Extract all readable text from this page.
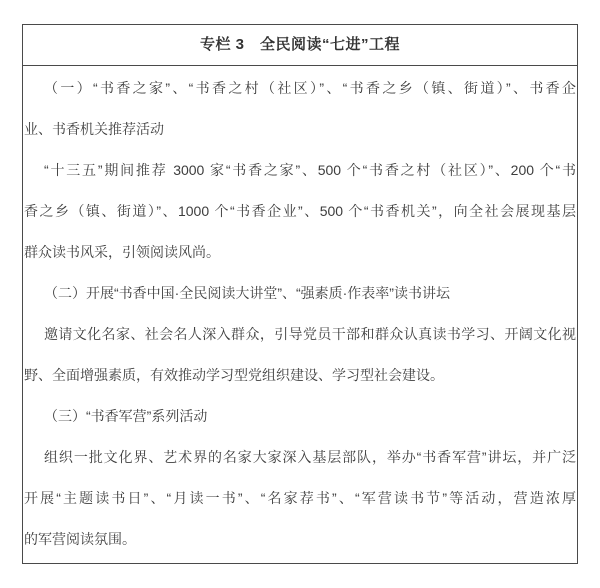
专栏 3　全民阅读“七进”工程
（一）“书香之家”、“书香之村（社区）”、“书香之乡（镇、街道）”、书香企
业、书香机关推荐活动
“十三五”期间推荐 3000 家“书香之家”、500 个“书香之村（社区）”、200 个“书
香之乡（镇、街道）”、1000 个“书香企业”、500 个“书香机关”，向全社会展现基层
群众读书风采，引领阅读风尚。
（二）开展“书香中国·全民阅读大讲堂”、“强素质·作表率”读书讲坛
邀请文化名家、社会名人深入群众，引导党员干部和群众认真读书学习、开阔文化视
野、全面增强素质，有效推动学习型党组织建设、学习型社会建设。
（三）“书香军营”系列活动
组织一批文化界、艺术界的名家大家深入基层部队，举办“书香军营”讲坛，并广泛
开展“主题读书日”、“月读一书”、“名家荐书”、“军营读书节”等活动，营造浓厚
的军营阅读氛围。
